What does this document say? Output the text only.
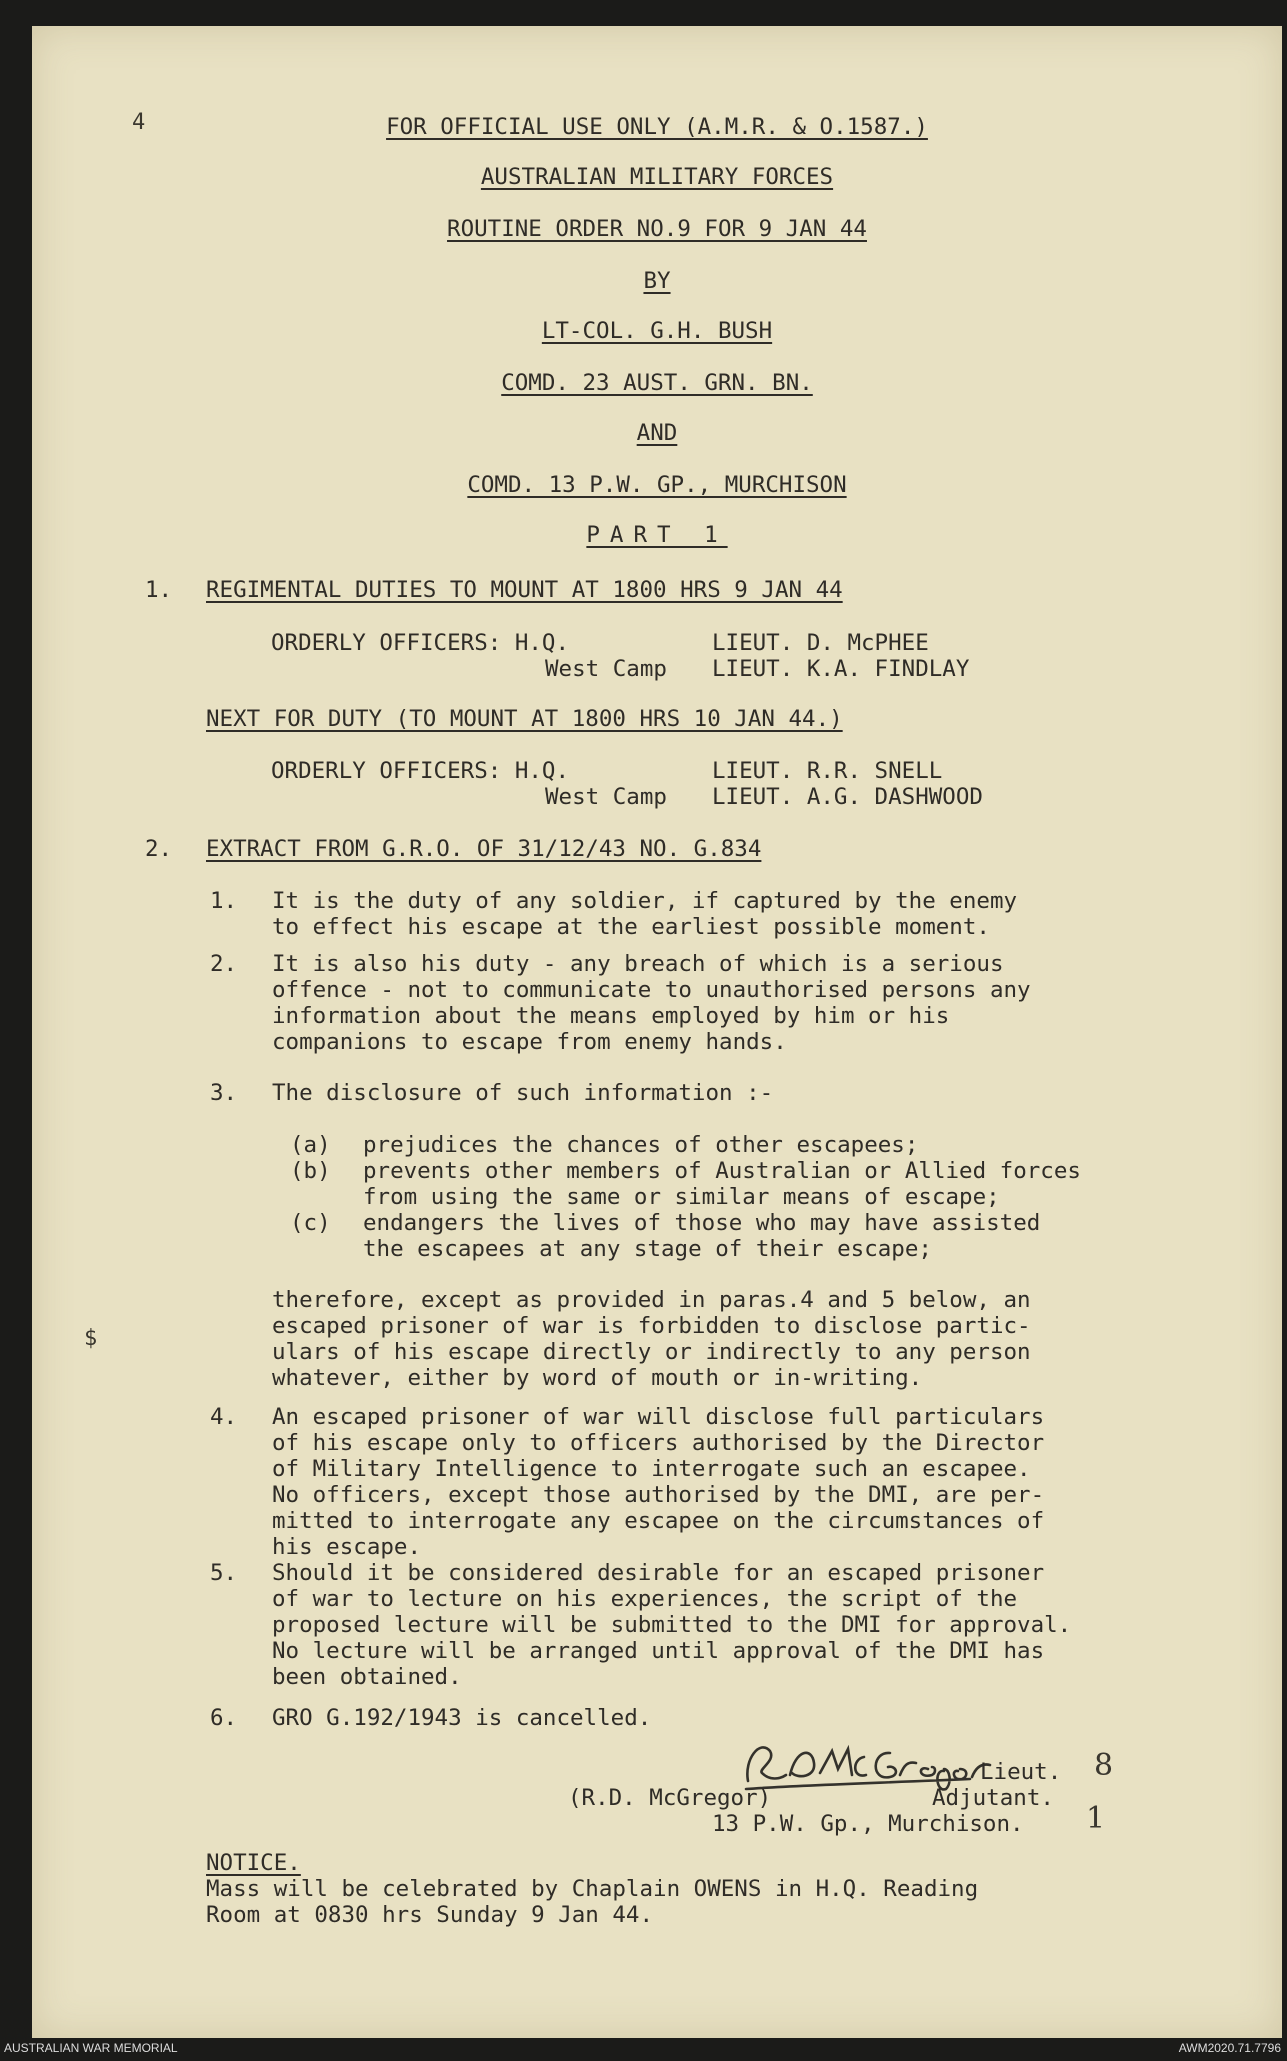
4
$
FOR OFFICIAL USE ONLY (A.M.R. & O.1587.)
AUSTRALIAN MILITARY FORCES
ROUTINE ORDER NO.9 FOR 9 JAN 44
BY
LT-COL. G.H. BUSH
COMD. 23 AUST. GRN. BN.
AND
COMD. 13 P.W. GP., MURCHISON
PART 1
1. REGIMENTAL DUTIES TO MOUNT AT 1800 HRS 9 JAN 44
ORDERLY OFFICERS: H.Q.	LIEUT. D. McPHEE
West Camp LIEUT. K.A. FINDLAY
NEXT FOR DUTY (TO MOUNT AT 1800 HRS 10 JAN 44.)
ORDERLY OFFICERS: H.Q.	LIEUT. R.R. SNELL
West Camp LIEUT. A.G. DASHWOOD
2. EXTRACT FROM G.R.O. OF 31/12/43 NO. G.834
1. It is the duty of any soldier, if captured by the enemy
to effect his escape at the earliest possible moment.
2. It is also his duty - any breach of which is a serious
offence - not to communicate to unauthorised persons any
information about the means employed by him or his
companions to escape from enemy hands.
3. The disclosure of such information :-
(a) prejudices the chances of other escapees;
(b) prevents other members of Australian or Allied forces
from using the same or similar means of escape;
(c) endangers the lives of those who may have assisted
the escapees at any stage of their escape;
therefore, except as provided in paras.4 and 5 below, an
escaped prisoner of war is forbidden to disclose partic-
ulars of his escape directly or indirectly to any person
whatever, either by word of mouth or in-writing.
4. An escaped prisoner of war will disclose full particulars
of his escape only to officers authorised by the Director
of Military Intelligence to interrogate such an escapee.
No officers, except those authorised by the DMI, are per-
mitted to interrogate any escapee on the circumstances of
his escape.
5. Should it be considered desirable for an escaped prisoner
of war to lecture on his experiences, the script of the
proposed lecture will be submitted to the DMI for approval.
No lecture will be arranged until approval of the DMI has
been obtained.
6. GRO G.192/1943 is cancelled.	RDMcGregor
Lieut. 8
(R.D. McGregor)	Adjutant.
13 P.W. Gp., Murchison. 1
NOTICE.
Mass will be celebrated by Chaplain OWENS in H.Q. Reading
Room at 0830 hrs Sunday 9 Jan 44.
AUSTRALIAN WAR MEMORIAL	AWM2020.71.7796
